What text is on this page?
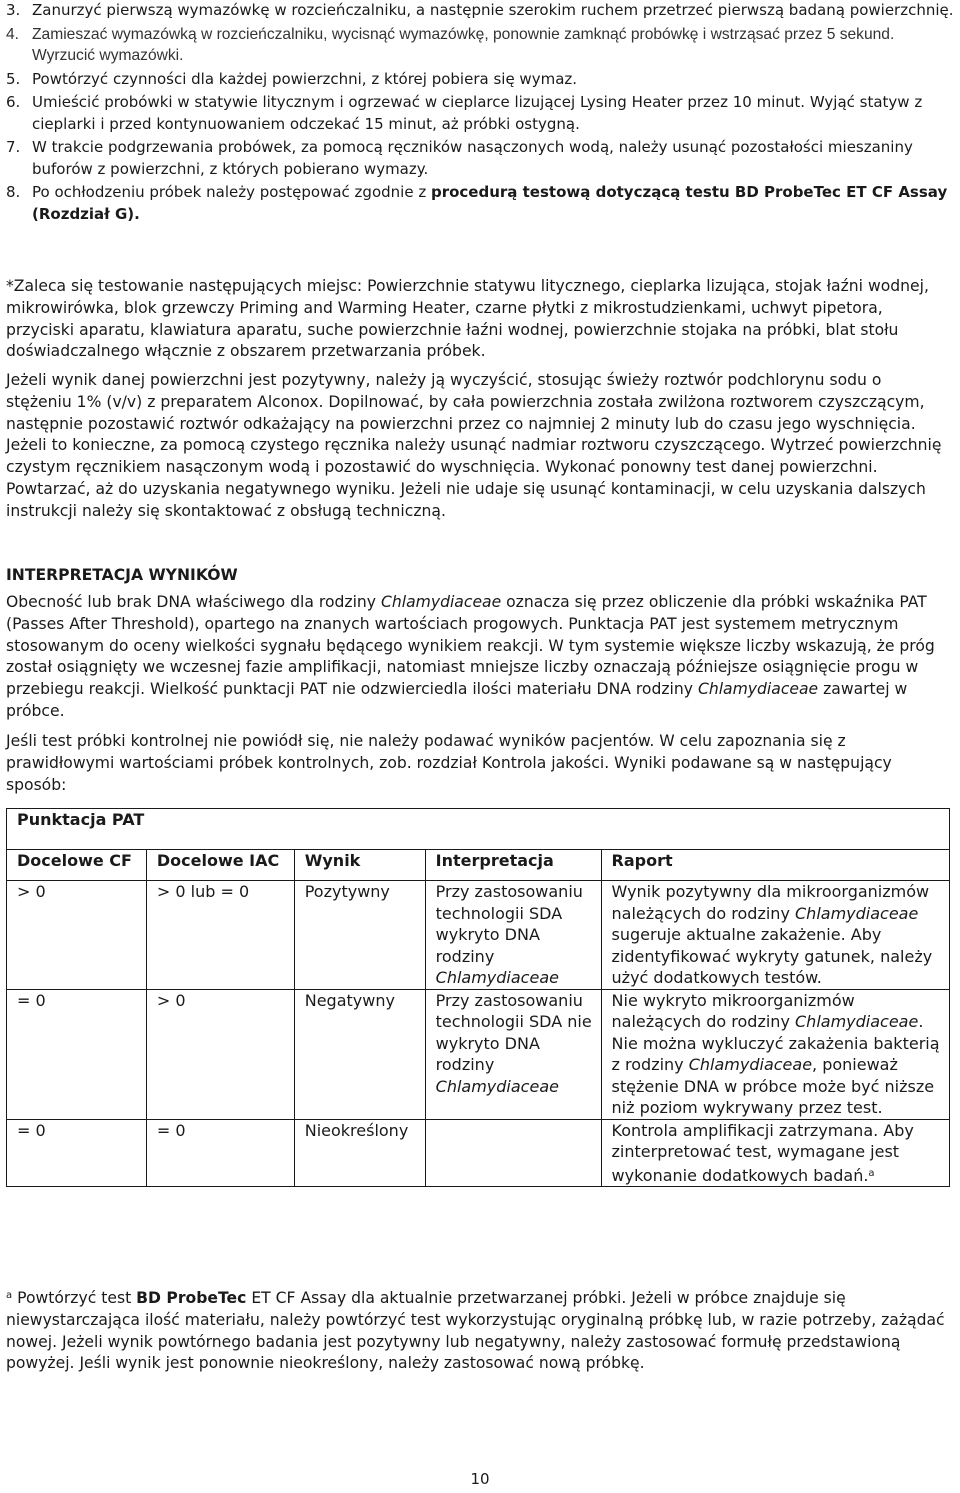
3. Zanurzyć pierwszą wymazówkę w rozcieńczalniku, a następnie szerokim ruchem przetrzeć pierwszą badaną powierzchnię.
4. Zamieszać wymazówką w rozcieńczalniku, wycisnąć wymazówkę, ponownie zamknąć probówkę i wstrząsać przez 5 sekund. Wyrzucić wymazówki.
5. Powtórzyć czynności dla każdej powierzchni, z której pobiera się wymaz.
6. Umieścić probówki w statywie litycznym i ogrzewać w cieplarce lizującej Lysing Heater przez 10 minut. Wyjąć statyw z cieplarki i przed kontynuowaniem odczekać 15 minut, aż próbki ostygną.
7. W trakcie podgrzewania probówek, za pomocą ręczników nasączonych wodą, należy usunąć pozostałości mieszaniny buforów z powierzchni, z których pobierano wymazy.
8. Po ochłodzeniu próbek należy postępować zgodnie z procedurą testową dotyczącą testu BD ProbeTec ET CF Assay (Rozdział G).

*Zaleca się testowanie następujących miejsc: Powierzchnie statywu litycznego, cieplarka lizująca, stojak łaźni wodnej, mikrowirówka, blok grzewczy Priming and Warming Heater, czarne płytki z mikrostudzienkami, uchwyt pipetora, przyciski aparatu, klawiatura aparatu, suche powierzchnie łaźni wodnej, powierzchnie stojaka na próbki, blat stołu doświadczalnego włącznie z obszarem przetwarzania próbek.

Jeżeli wynik danej powierzchni jest pozytywny, należy ją wyczyścić, stosując świeży roztwór podchlorynu sodu o stężeniu 1% (v/v) z preparatem Alconox. Dopilnować, by cała powierzchnia została zwilżona roztworem czyszczącym, następnie pozostawić roztwór odkażający na powierzchni przez co najmniej 2 minuty lub do czasu jego wyschnięcia. Jeżeli to konieczne, za pomocą czystego ręcznika należy usunąć nadmiar roztworu czyszczącego. Wytrzeć powierzchnię czystym ręcznikiem nasączonym wodą i pozostawić do wyschnięcia. Wykonać ponowny test danej powierzchni. Powtarzać, aż do uzyskania negatywnego wyniku. Jeżeli nie udaje się usunąć kontaminacji, w celu uzyskania dalszych instrukcji należy się skontaktować z obsługą techniczną.

INTERPRETACJA WYNIKÓW

Obecność lub brak DNA właściwego dla rodziny Chlamydiaceae oznacza się przez obliczenie dla próbki wskaźnika PAT (Passes After Threshold), opartego na znanych wartościach progowych. Punktacja PAT jest systemem metrycznym stosowanym do oceny wielkości sygnału będącego wynikiem reakcji. W tym systemie większe liczby wskazują, że próg został osiągnięty we wczesnej fazie amplifikacji, natomiast mniejsze liczby oznaczają późniejsze osiągnięcie progu w przebiegu reakcji. Wielkość punktacji PAT nie odzwierciedla ilości materiału DNA rodziny Chlamydiaceae zawartej w próbce.

Jeśli test próbki kontrolnej nie powiódł się, nie należy podawać wyników pacjentów. W celu zapoznania się z prawidłowymi wartościami próbek kontrolnych, zob. rozdział Kontrola jakości. Wyniki podawane są w następujący sposób:

Punktacja PAT				
Docelowe CF	Docelowe IAC	Wynik	Interpretacja	Raport
> 0	> 0 lub = 0	Pozytywny	Przy zastosowaniu technologii SDA wykryto DNA rodziny Chlamydiaceae	Wynik pozytywny dla mikroorganizmów należących do rodziny Chlamydiaceae sugeruje aktualne zakażenie. Aby zidentyfikować wykryty gatunek, należy użyć dodatkowych testów.
= 0	> 0	Negatywny	Przy zastosowaniu technologii SDA nie wykryto DNA rodziny Chlamydiaceae	Nie wykryto mikroorganizmów należących do rodziny Chlamydiaceae. Nie można wykluczyć zakażenia bakterią z rodziny Chlamydiaceae, ponieważ stężenie DNA w próbce może być niższe niż poziom wykrywany przez test.
= 0	= 0	Nieokreślony		Kontrola amplifikacji zatrzymana. Aby zinterpretować test, wymagane jest wykonanie dodatkowych badań.$^a$

$^a$ Powtórzyć test BD ProbeTec ET CF Assay dla aktualnie przetwarzanej próbki. Jeżeli w próbce znajduje się niewystarczająca ilość materiału, należy powtórzyć test wykorzystując oryginalną próbkę lub, w razie potrzeby, zażądać nowej. Jeżeli wynik powtórnego badania jest pozytywny lub negatywny, należy zastosować formułę przedstawioną powyżej. Jeśli wynik jest ponownie nieokreślony, należy zastosować nową próbkę.

10
